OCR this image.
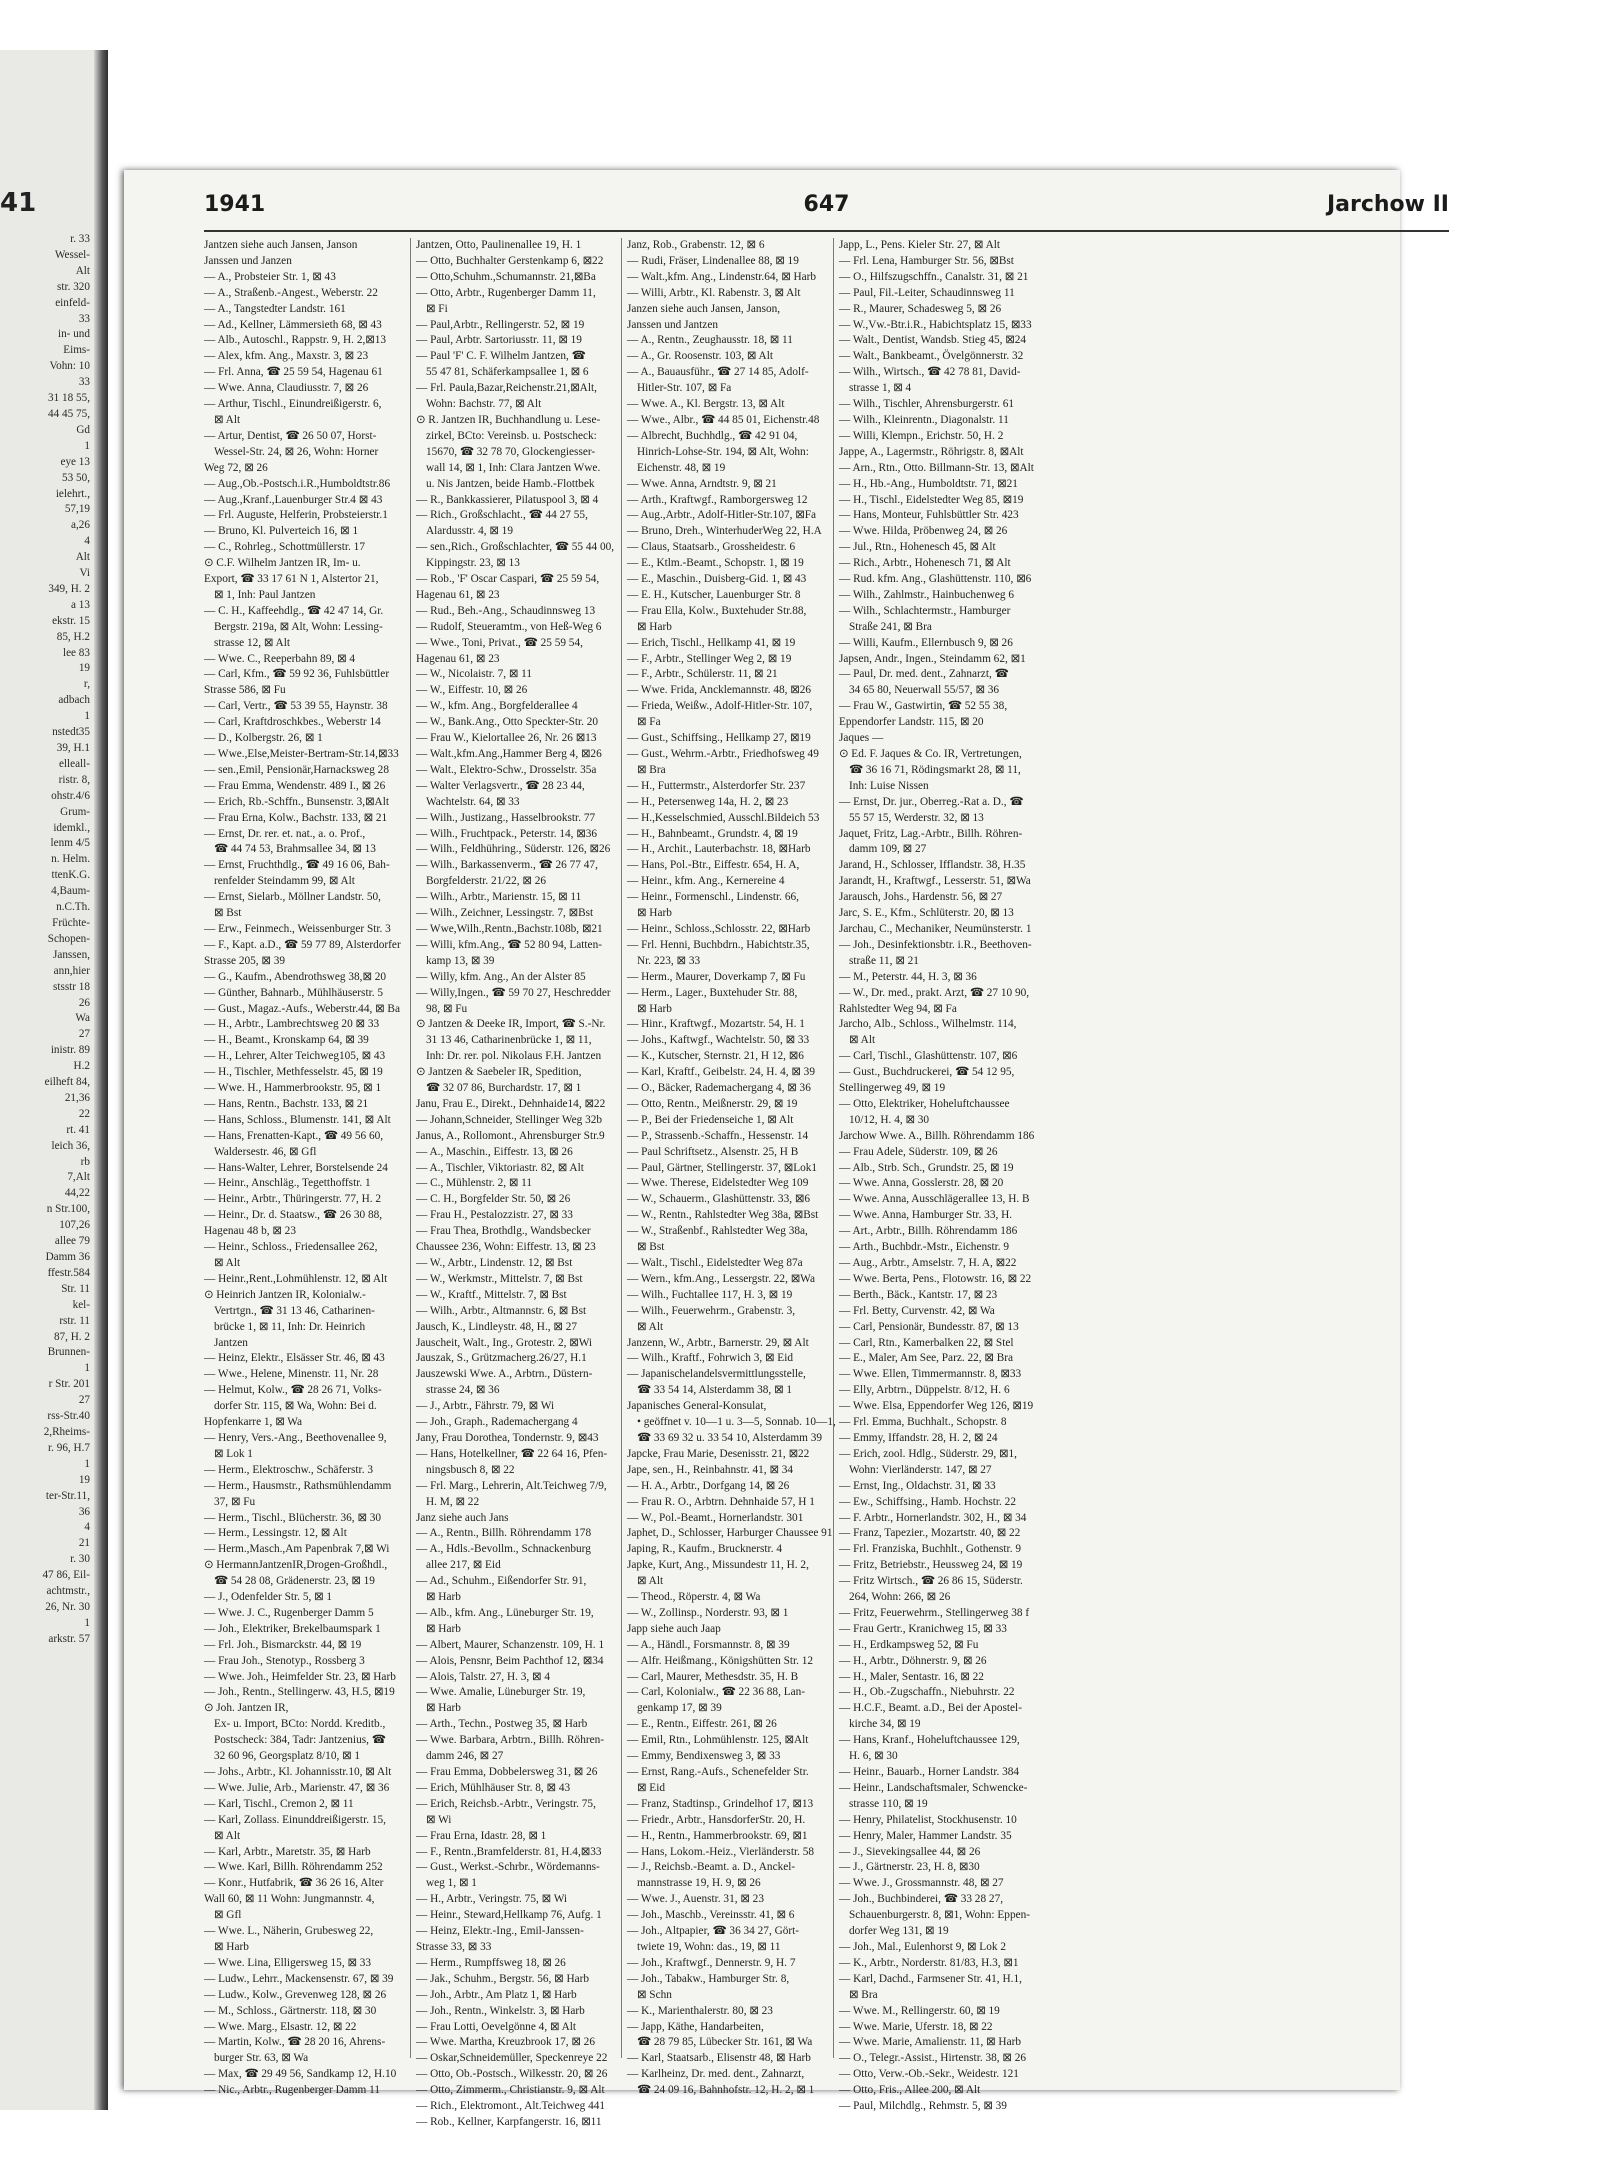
41
r. 33
Wessel-
Alt
str. 320
einfeld-
33
in- und
Eims-
Vohn: 10
33
31 18 55,
44 45 75,
Gd
1
eye 13
53 50,
ielehrt.,
57,19
a,26
4
Alt
Vi
349, H. 2
a 13
ekstr. 15
85, H.2
lee 83
19
r,
adbach
1
nstedt35
39, H.1
elleall-
ristr. 8,
ohstr.4/6
Grum-
idemkl.,
lenm 4/5
n. Helm.
ttenK.G.
4,Baum-
n.C.Th.
Früchte-
Schopen-
Janssen,
ann,hier
stsstr 18
26
Wa
27
inistr. 89
H.2
eilheft 84,
21,36
22
rt. 41
leich 36,
rb
7,Alt
44,22
n Str.100,
107,26
allee 79
Damm 36
ffestr.584
Str. 11
kel-
rstr. 11
87, H. 2
Brunnen-
1
r Str. 201
27
rss-Str.40
2,Rheims-
r. 96, H.7
1
19
ter-Str.11,
36
4
21
r. 30
47 86, Eil-
achtmstr.,
26, Nr. 30
1
arkstr. 57
1941	647	Jarchow II
Jantzen siehe auch Jansen, Janson
Janssen und Janzen
— A., Probsteier Str. 1, ⊠ 43
— A., Straßenb.-Angest., Weberstr. 22
— A., Tangstedter Landstr. 161
— Ad., Kellner, Lämmersieth 68, ⊠ 43
— Alb., Autoschl., Rappstr. 9, H. 2,⊠13
— Alex, kfm. Ang., Maxstr. 3, ⊠ 23
— Frl. Anna, ☎ 25 59 54, Hagenau 61
— Wwe. Anna, Claudiusstr. 7, ⊠ 26
— Arthur, Tischl., Einundreißigerstr. 6,
⊠ Alt
— Artur, Dentist, ☎ 26 50 07, Horst-
Wessel-Str. 24, ⊠ 26, Wohn: Horner
Weg 72, ⊠ 26
— Aug.,Ob.-Postsch.i.R.,Humboldtstr.86
— Aug.,Kranf.,Lauenburger Str.4 ⊠ 43
— Frl. Auguste, Helferin, Probsteierstr.1
— Bruno, Kl. Pulverteich 16, ⊠ 1
— C., Rohrleg., Schottmüllerstr. 17
⊙ C.F. Wilhelm Jantzen IR, Im- u.
Export, ☎ 33 17 61 N 1, Alstertor 21,
⊠ 1, Inh: Paul Jantzen
— C. H., Kaffeehdlg., ☎ 42 47 14, Gr.
Bergstr. 219a, ⊠ Alt, Wohn: Lessing-
strasse 12, ⊠ Alt
— Wwe. C., Reeperbahn 89, ⊠ 4
— Carl, Kfm., ☎ 59 92 36, Fuhlsbüttler
Strasse 586, ⊠ Fu
— Carl, Vertr., ☎ 53 39 55, Haynstr. 38
— Carl, Kraftdroschkbes., Weberstr 14
— D., Kolbergstr. 26, ⊠ 1
— Wwe.,Else,Meister-Bertram-Str.14,⊠33
— sen.,Emil, Pensionär,Harnacksweg 28
— Frau Emma, Wendenstr. 489 I., ⊠ 26
— Erich, Rb.-Schffn., Bunsenstr. 3,⊠Alt
— Frau Erna, Kolw., Bachstr. 133, ⊠ 21
— Ernst, Dr. rer. et. nat., a. o. Prof.,
☎ 44 74 53, Brahmsallee 34, ⊠ 13
— Ernst, Fruchthdlg., ☎ 49 16 06, Bah-
renfelder Steindamm 99, ⊠ Alt
— Ernst, Sielarb., Möllner Landstr. 50,
⊠ Bst
— Erw., Feinmech., Weissenburger Str. 3
— F., Kapt. a.D., ☎ 59 77 89, Alsterdorfer
Strasse 205, ⊠ 39
— G., Kaufm., Abendrothsweg 38,⊠ 20
— Günther, Bahnarb., Mühlhäuserstr. 5
— Gust., Magaz.-Aufs., Weberstr.44, ⊠ Ba
— H., Arbtr., Lambrechtsweg 20 ⊠ 33
— H., Beamt., Kronskamp 64, ⊠ 39
— H., Lehrer, Alter Teichweg105, ⊠ 43
— H., Tischler, Methfesselstr. 45, ⊠ 19
— Wwe. H., Hammerbrookstr. 95, ⊠ 1
— Hans, Rentn., Bachstr. 133, ⊠ 21
— Hans, Schloss., Blumenstr. 141, ⊠ Alt
— Hans, Frenatten-Kapt., ☎ 49 56 60,
Waldersestr. 46, ⊠ Gfl
— Hans-Walter, Lehrer, Borstelsende 24
— Heinr., Anschläg., Tegetthoffstr. 1
— Heinr., Arbtr., Thüringerstr. 77, H. 2
— Heinr., Dr. d. Staatsw., ☎ 26 30 88,
Hagenau 48 b, ⊠ 23
— Heinr., Schloss., Friedensallee 262,
⊠ Alt
— Heinr.,Rent.,Lohmühlenstr. 12, ⊠ Alt
⊙ Heinrich Jantzen IR, Kolonialw.-
Vertrtgn., ☎ 31 13 46, Catharinen-
brücke 1, ⊠ 11, Inh: Dr. Heinrich
Jantzen
— Heinz, Elektr., Elsässer Str. 46, ⊠ 43
— Wwe., Helene, Minenstr. 11, Nr. 28
— Helmut, Kolw., ☎ 28 26 71, Volks-
dorfer Str. 115, ⊠ Wa, Wohn: Bei d.
Hopfenkarre 1, ⊠ Wa
— Henry, Vers.-Ang., Beethovenallee 9,
⊠ Lok 1
— Herm., Elektroschw., Schäferstr. 3
— Herm., Hausmstr., Rathsmühlendamm
37, ⊠ Fu
— Herm., Tischl., Blücherstr. 36, ⊠ 30
— Herm., Lessingstr. 12, ⊠ Alt
— Herm.,Masch.,Am Papenbrak 7,⊠ Wi
⊙ HermannJantzenIR,Drogen-Großhdl.,
☎ 54 28 08, Grädenerstr. 23, ⊠ 19
— J., Odenfelder Str. 5, ⊠ 1
— Wwe. J. C., Rugenberger Damm 5
— Joh., Elektriker, Brekelbaumspark 1
— Frl. Joh., Bismarckstr. 44, ⊠ 19
— Frau Joh., Stenotyp., Rossberg 3
— Wwe. Joh., Heimfelder Str. 23, ⊠ Harb
— Joh., Rentn., Stellingerw. 43, H.5, ⊠19
⊙ Joh. Jantzen IR,
Ex- u. Import, BCto: Nordd. Kreditb.,
Postscheck: 384, Tadr: Jantzenius, ☎
32 60 96, Georgsplatz 8/10, ⊠ 1
— Johs., Arbtr., Kl. Johannisstr.10, ⊠ Alt
— Wwe. Julie, Arb., Marienstr. 47, ⊠ 36
— Karl, Tischl., Cremon 2, ⊠ 11
— Karl, Zollass. Einunddreißigerstr. 15,
⊠ Alt
— Karl, Arbtr., Maretstr. 35, ⊠ Harb
— Wwe. Karl, Billh. Röhrendamm 252
— Konr., Hutfabrik, ☎ 36 26 16, Alter
Wall 60, ⊠ 11 Wohn: Jungmannstr. 4,
⊠ Gfl
— Wwe. L., Näherin, Grubesweg 22,
⊠ Harb
— Wwe. Lina, Elligersweg 15, ⊠ 33
— Ludw., Lehrr., Mackensenstr. 67, ⊠ 39
— Ludw., Kolw., Grevenweg 128, ⊠ 26
— M., Schloss., Gärtnerstr. 118, ⊠ 30
— Wwe. Marg., Elsastr. 12, ⊠ 22
— Martin, Kolw., ☎ 28 20 16, Ahrens-
burger Str. 63, ⊠ Wa
— Max, ☎ 29 49 56, Sandkamp 12, H.10
— Nic., Arbtr., Rugenberger Damm 11
Jantzen, Otto, Paulinenallee 19, H. 1
— Otto, Buchhalter Gerstenkamp 6, ⊠22
— Otto,Schuhm.,Schumannstr. 21,⊠Ba
— Otto, Arbtr., Rugenberger Damm 11,
⊠ Fi
— Paul,Arbtr., Rellingerstr. 52, ⊠ 19
— Paul, Arbtr. Sartoriusstr. 11, ⊠ 19
— Paul 'F' C. F. Wilhelm Jantzen, ☎
55 47 81, Schäferkampsallee 1, ⊠ 6
— Frl. Paula,Bazar,Reichenstr.21,⊠Alt,
Wohn: Bachstr. 77, ⊠ Alt
⊙ R. Jantzen IR, Buchhandlung u. Lese-
zirkel, BCto: Vereinsb. u. Postscheck:
15670, ☎ 32 78 70, Glockengiesser-
wall 14, ⊠ 1, Inh: Clara Jantzen Wwe.
u. Nis Jantzen, beide Hamb.-Flottbek
— R., Bankkassierer, Pilatuspool 3, ⊠ 4
— Rich., Großschlacht., ☎ 44 27 55,
Alardusstr. 4, ⊠ 19
— sen.,Rich., Großschlachter, ☎ 55 44 00,
Kippingstr. 23, ⊠ 13
— Rob., 'F' Oscar Caspari, ☎ 25 59 54,
Hagenau 61, ⊠ 23
— Rud., Beh.-Ang., Schaudinnsweg 13
— Rudolf, Steueramtm., von Heß-Weg 6
— Wwe., Toni, Privat., ☎ 25 59 54,
Hagenau 61, ⊠ 23
— W., Nicolaistr. 7, ⊠ 11
— W., Eiffestr. 10, ⊠ 26
— W., kfm. Ang., Borgfelderallee 4
— W., Bank.Ang., Otto Speckter-Str. 20
— Frau W., Kielortallee 26, Nr. 26 ⊠13
— Walt.,kfm.Ang.,Hammer Berg 4, ⊠26
— Walt., Elektro-Schw., Drosselstr. 35a
— Walter Verlagsvertr., ☎ 28 23 44,
Wachtelstr. 64, ⊠ 33
— Wilh., Justizang., Hasselbrookstr. 77
— Wilh., Fruchtpack., Peterstr. 14, ⊠36
— Wilh., Feldhühring., Süderstr. 126, ⊠26
— Wilh., Barkassenverm., ☎ 26 77 47,
Borgfelderstr. 21/22, ⊠ 26
— Wilh., Arbtr., Marienstr. 15, ⊠ 11
— Wilh., Zeichner, Lessingstr. 7, ⊠Bst
— Wwe,Wilh.,Rentn.,Bachstr.108b, ⊠21
— Willi, kfm.Ang., ☎ 52 80 94, Latten-
kamp 13, ⊠ 39
— Willy, kfm. Ang., An der Alster 85
— Willy,Ingen., ☎ 59 70 27, Heschredder
98, ⊠ Fu
⊙ Jantzen & Deeke IR, Import, ☎ S.-Nr.
31 13 46, Catharinenbrücke 1, ⊠ 11,
Inh: Dr. rer. pol. Nikolaus F.H. Jantzen
⊙ Jantzen & Saebeler IR, Spedition,
☎ 32 07 86, Burchardstr. 17, ⊠ 1
Janu, Frau E., Direkt., Dehnhaide14, ⊠22
— Johann,Schneider, Stellinger Weg 32b
Janus, A., Rollomont., Ahrensburger Str.9
— A., Maschin., Eiffestr. 13, ⊠ 26
— A., Tischler, Viktoriastr. 82, ⊠ Alt
— C., Mühlenstr. 2, ⊠ 11
— C. H., Borgfelder Str. 50, ⊠ 26
— Frau H., Pestalozzistr. 27, ⊠ 33
— Frau Thea, Brothdlg., Wandsbecker
Chaussee 236, Wohn: Eiffestr. 13, ⊠ 23
— W., Arbtr., Lindenstr. 12, ⊠ Bst
— W., Werkmstr., Mittelstr. 7, ⊠ Bst
— W., Kraftf., Mittelstr. 7, ⊠ Bst
— Wilh., Arbtr., Altmannstr. 6, ⊠ Bst
Jausch, K., Lindleystr. 48, H., ⊠ 27
Jauscheit, Walt., Ing., Grotestr. 2, ⊠Wi
Jauszak, S., Grützmacherg.26/27, H.1
Jauszewski Wwe. A., Arbtrn., Düstern-
strasse 24, ⊠ 36
— J., Arbtr., Fährstr. 79, ⊠ Wi
— Joh., Graph., Rademachergang 4
Jany, Frau Dorothea, Tondernstr. 9, ⊠43
— Hans, Hotelkellner, ☎ 22 64 16, Pfen-
ningsbusch 8, ⊠ 22
— Frl. Marg., Lehrerin, Alt.Teichweg 7/9,
H. M, ⊠ 22
Janz siehe auch Jans
— A., Rentn., Billh. Röhrendamm 178
— A., Hdls.-Bevollm., Schnackenburg
allee 217, ⊠ Eid
— Ad., Schuhm., Eißendorfer Str. 91,
⊠ Harb
— Alb., kfm. Ang., Lüneburger Str. 19,
⊠ Harb
— Albert, Maurer, Schanzenstr. 109, H. 1
— Alois, Pensnr, Beim Pachthof 12, ⊠34
— Alois, Talstr. 27, H. 3, ⊠ 4
— Wwe. Amalie, Lüneburger Str. 19,
⊠ Harb
— Arth., Techn., Postweg 35, ⊠ Harb
— Wwe. Barbara, Arbtrn., Billh. Röhren-
damm 246, ⊠ 27
— Frau Emma, Dobbelersweg 31, ⊠ 26
— Erich, Mühlhäuser Str. 8, ⊠ 43
— Erich, Reichsb.-Arbtr., Veringstr. 75,
⊠ Wi
— Frau Erna, Idastr. 28, ⊠ 1
— F., Rentn.,Bramfelderstr. 81, H.4,⊠33
— Gust., Werkst.-Schrbr., Wördemanns-
weg 1, ⊠ 1
— H., Arbtr., Veringstr. 75, ⊠ Wi
— Heinr., Steward,Hellkamp 76, Aufg. 1
— Heinz, Elektr.-Ing., Emil-Janssen-
Strasse 33, ⊠ 33
— Herm., Rumpffsweg 18, ⊠ 26
— Jak., Schuhm., Bergstr. 56, ⊠ Harb
— Joh., Arbtr., Am Platz 1, ⊠ Harb
— Joh., Rentn., Winkelstr. 3, ⊠ Harb
— Frau Lotti, Oevelgönne 4, ⊠ Alt
— Wwe. Martha, Kreuzbrook 17, ⊠ 26
— Oskar,Schneidemüller, Speckenreye 22
— Otto, Ob.-Postsch., Wilkesstr. 20, ⊠ 26
— Otto, Zimmerm., Christianstr. 9, ⊠ Alt
— Rich., Elektromont., Alt.Teichweg 441
— Rob., Kellner, Karpfangerstr. 16, ⊠11
Janz, Rob., Grabenstr. 12, ⊠ 6
— Rudi, Fräser, Lindenallee 88, ⊠ 19
— Walt.,kfm. Ang., Lindenstr.64, ⊠ Harb
— Willi, Arbtr., Kl. Rabenstr. 3, ⊠ Alt
Janzen siehe auch Jansen, Janson,
Janssen und Jantzen
— A., Rentn., Zeughausstr. 18, ⊠ 11
— A., Gr. Roosenstr. 103, ⊠ Alt
— A., Bauausführ., ☎ 27 14 85, Adolf-
Hitler-Str. 107, ⊠ Fa
— Wwe. A., Kl. Bergstr. 13, ⊠ Alt
— Wwe., Albr., ☎ 44 85 01, Eichenstr.48
— Albrecht, Buchhdlg., ☎ 42 91 04,
Hinrich-Lohse-Str. 194, ⊠ Alt, Wohn:
Eichenstr. 48, ⊠ 19
— Wwe. Anna, Arndtstr. 9, ⊠ 21
— Arth., Kraftwgf., Ramborgersweg 12
— Aug.,Arbtr., Adolf-Hitler-Str.107, ⊠Fa
— Bruno, Dreh., WinterhuderWeg 22, H.A
— Claus, Staatsarb., Grossheidestr. 6
— E., Ktlm.-Beamt., Schopstr. 1, ⊠ 19
— E., Maschin., Duisberg-Gid. 1, ⊠ 43
— E. H., Kutscher, Lauenburger Str. 8
— Frau Ella, Kolw., Buxtehuder Str.88,
⊠ Harb
— Erich, Tischl., Hellkamp 41, ⊠ 19
— F., Arbtr., Stellinger Weg 2, ⊠ 19
— F., Arbtr., Schülerstr. 11, ⊠ 21
— Wwe. Frida, Ancklemannstr. 48, ⊠26
— Frieda, Weißw., Adolf-Hitler-Str. 107,
⊠ Fa
— Gust., Schiffsing., Hellkamp 27, ⊠19
— Gust., Wehrm.-Arbtr., Friedhofsweg 49
⊠ Bra
— H., Futtermstr., Alsterdorfer Str. 237
— H., Petersenweg 14a, H. 2, ⊠ 23
— H.,Kesselschmied, Ausschl.Bildeich 53
— H., Bahnbeamt., Grundstr. 4, ⊠ 19
— H., Archit., Lauterbachstr. 18, ⊠Harb
— Hans, Pol.-Btr., Eiffestr. 654, H. A,
— Heinr., kfm. Ang., Kernereine 4
— Heinr., Formenschl., Lindenstr. 66,
⊠ Harb
— Heinr., Schloss.,Schlosstr. 22, ⊠Harb
— Frl. Henni, Buchbdrn., Habichtstr.35,
Nr. 223, ⊠ 33
— Herm., Maurer, Doverkamp 7, ⊠ Fu
— Herm., Lager., Buxtehuder Str. 88,
⊠ Harb
— Hinr., Kraftwgf., Mozartstr. 54, H. 1
— Johs., Kaftwgf., Wachtelstr. 50, ⊠ 33
— K., Kutscher, Sternstr. 21, H 12, ⊠6
— Karl, Kraftf., Geibelstr. 24, H. 4, ⊠ 39
— O., Bäcker, Rademachergang 4, ⊠ 36
— Otto, Rentn., Meißnerstr. 29, ⊠ 19
— P., Bei der Friedenseiche 1, ⊠ Alt
— P., Strassenb.-Schaffn., Hessenstr. 14
— Paul Schriftsetz., Alsenstr. 25, H B
— Paul, Gärtner, Stellingerstr. 37, ⊠Lok1
— Wwe. Therese, Eidelstedter Weg 109
— W., Schauerm., Glashüttenstr. 33, ⊠6
— W., Rentn., Rahlstedter Weg 38a, ⊠Bst
— W., Straßenbf., Rahlstedter Weg 38a,
⊠ Bst
— Walt., Tischl., Eidelstedter Weg 87a
— Wern., kfm.Ang., Lessergstr. 22, ⊠Wa
— Wilh., Fuchtallee 117, H. 3, ⊠ 19
— Wilh., Feuerwehrm., Grabenstr. 3,
⊠ Alt
Janzenn, W., Arbtr., Barnerstr. 29, ⊠ Alt
— Wilh., Kraftf., Fohrwich 3, ⊠ Eid
— Japanischelandelsvermittlungsstelle,
☎ 33 54 14, Alsterdamm 38, ⊠ 1
Japanisches General-Konsulat,
• geöffnet v. 10—1 u. 3—5, Sonnab. 10—1,
☎ 33 69 32 u. 33 54 10, Alsterdamm 39
Japcke, Frau Marie, Desenisstr. 21, ⊠22
Jape, sen., H., Reinbahnstr. 41, ⊠ 34
— H. A., Arbtr., Dorfgang 14, ⊠ 26
— Frau R. O., Arbtrn. Dehnhaide 57, H 1
— W., Pol.-Beamt., Hornerlandstr. 301
Japhet, D., Schlosser, Harburger Chaussee 91
Japing, R., Kaufm., Brucknerstr. 4
Japke, Kurt, Ang., Missundestr 11, H. 2,
⊠ Alt
— Theod., Röperstr. 4, ⊠ Wa
— W., Zollinsp., Norderstr. 93, ⊠ 1
Japp siehe auch Jaap
— A., Händl., Forsmannstr. 8, ⊠ 39
— Alfr. Heißmang., Königshütten Str. 12
— Carl, Maurer, Methesdstr. 35, H. B
— Carl, Kolonialw., ☎ 22 36 88, Lan-
genkamp 17, ⊠ 39
— E., Rentn., Eiffestr. 261, ⊠ 26
— Emil, Rtn., Lohmühlenstr. 125, ⊠Alt
— Emmy, Bendixensweg 3, ⊠ 33
— Ernst, Rang.-Aufs., Schenefelder Str.
⊠ Eid
— Franz, Stadtinsp., Grindelhof 17, ⊠13
— Friedr., Arbtr., HansdorferStr. 20, H.
— H., Rentn., Hammerbrookstr. 69, ⊠1
— Hans, Lokom.-Heiz., Vierländerstr. 58
— J., Reichsb.-Beamt. a. D., Anckel-
mannstrasse 19, H. 9, ⊠ 26
— Wwe. J., Auenstr. 31, ⊠ 23
— Joh., Maschb., Vereinsstr. 41, ⊠ 6
— Joh., Altpapier, ☎ 36 34 27, Gört-
twiete 19, Wohn: das., 19, ⊠ 11
— Joh., Kraftwgf., Dennerstr. 9, H. 7
— Joh., Tabakw., Hamburger Str. 8,
⊠ Schn
— K., Marienthalerstr. 80, ⊠ 23
— Japp, Käthe, Handarbeiten,
☎ 28 79 85, Lübecker Str. 161, ⊠ Wa
— Karl, Staatsarb., Elisenstr 48, ⊠ Harb
— Karlheinz, Dr. med. dent., Zahnarzt,
☎ 24 09 16, Bahnhofstr. 12, H. 2, ⊠ 1
Japp, L., Pens. Kieler Str. 27, ⊠ Alt
— Frl. Lena, Hamburger Str. 56, ⊠Bst
— O., Hilfszugschffn., Canalstr. 31, ⊠ 21
— Paul, Fil.-Leiter, Schaudinnsweg 11
— R., Maurer, Schadesweg 5, ⊠ 26
— W.,Vw.-Btr.i.R., Habichtsplatz 15, ⊠33
— Walt., Dentist, Wandsb. Stieg 45, ⊠24
— Walt., Bankbeamt., Övelgönnerstr. 32
— Wilh., Wirtsch., ☎ 42 78 81, David-
strasse 1, ⊠ 4
— Wilh., Tischler, Ahrensburgerstr. 61
— Wilh., Kleinrentn., Diagonalstr. 11
— Willi, Klempn., Erichstr. 50, H. 2
Jappe, A., Lagermstr., Röhrigstr. 8, ⊠Alt
— Arn., Rtn., Otto. Billmann-Str. 13, ⊠Alt
— H., Hb.-Ang., Humboldtstr. 71, ⊠21
— H., Tischl., Eidelstedter Weg 85, ⊠19
— Hans, Monteur, Fuhlsbüttler Str. 423
— Wwe. Hilda, Pröbenweg 24, ⊠ 26
— Jul., Rtn., Hohenesch 45, ⊠ Alt
— Rich., Arbtr., Hohenesch 71, ⊠ Alt
— Rud. kfm. Ang., Glashüttenstr. 110, ⊠6
— Wilh., Zahlmstr., Hainbuchenweg 6
— Wilh., Schlachtermstr., Hamburger
Straße 241, ⊠ Bra
— Willi, Kaufm., Ellernbusch 9, ⊠ 26
Japsen, Andr., Ingen., Steindamm 62, ⊠1
— Paul, Dr. med. dent., Zahnarzt, ☎
34 65 80, Neuerwall 55/57, ⊠ 36
— Frau W., Gastwirtin, ☎ 52 55 38,
Eppendorfer Landstr. 115, ⊠ 20
Jaques —
⊙ Ed. F. Jaques & Co. IR, Vertretungen,
☎ 36 16 71, Rödingsmarkt 28, ⊠ 11,
Inh: Luise Nissen
— Ernst, Dr. jur., Oberreg.-Rat a. D., ☎
55 57 15, Werderstr. 32, ⊠ 13
Jaquet, Fritz, Lag.-Arbtr., Billh. Röhren-
damm 109, ⊠ 27
Jarand, H., Schlosser, Ifflandstr. 38, H.35
Jarandt, H., Kraftwgf., Lesserstr. 51, ⊠Wa
Jarausch, Johs., Hardenstr. 56, ⊠ 27
Jarc, S. E., Kfm., Schlüterstr. 20, ⊠ 13
Jarchau, C., Mechaniker, Neumünsterstr. 1
— Joh., Desinfektionsbtr. i.R., Beethoven-
straße 11, ⊠ 21
— M., Peterstr. 44, H. 3, ⊠ 36
— W., Dr. med., prakt. Arzt, ☎ 27 10 90,
Rahlstedter Weg 94, ⊠ Fa
Jarcho, Alb., Schloss., Wilhelmstr. 114,
⊠ Alt
— Carl, Tischl., Glashüttenstr. 107, ⊠6
— Gust., Buchdruckerei, ☎ 54 12 95,
Stellingerweg 49, ⊠ 19
— Otto, Elektriker, Hoheluftchaussee
10/12, H. 4, ⊠ 30
Jarchow Wwe. A., Billh. Röhrendamm 186
— Frau Adele, Süderstr. 109, ⊠ 26
— Alb., Strb. Sch., Grundstr. 25, ⊠ 19
— Wwe. Anna, Gosslerstr. 28, ⊠ 20
— Wwe. Anna, Ausschlägerallee 13, H. B
— Wwe. Anna, Hamburger Str. 33, H.
— Art., Arbtr., Billh. Röhrendamm 186
— Arth., Buchbdr.-Mstr., Eichenstr. 9
— Aug., Arbtr., Amselstr. 7, H. A, ⊠22
— Wwe. Berta, Pens., Flotowstr. 16, ⊠ 22
— Berth., Bäck., Kantstr. 17, ⊠ 23
— Frl. Betty, Curvenstr. 42, ⊠ Wa
— Carl, Pensionär, Bundesstr. 87, ⊠ 13
— Carl, Rtn., Kamerbalken 22, ⊠ Stel
— E., Maler, Am See, Parz. 22, ⊠ Bra
— Wwe. Ellen, Timmermannstr. 8, ⊠33
— Elly, Arbtrn., Düppelstr. 8/12, H. 6
— Wwe. Elsa, Eppendorfer Weg 126, ⊠19
— Frl. Emma, Buchhalt., Schopstr. 8
— Emmy, Iffandstr. 28, H. 2, ⊠ 24
— Erich, zool. Hdlg., Süderstr. 29, ⊠1,
Wohn: Vierländerstr. 147, ⊠ 27
— Ernst, Ing., Oldachstr. 31, ⊠ 33
— Ew., Schiffsing., Hamb. Hochstr. 22
— F. Arbtr., Hornerlandstr. 302, H., ⊠ 34
— Franz, Tapezier., Mozartstr. 40, ⊠ 22
— Frl. Franziska, Buchhlt., Gothenstr. 9
— Fritz, Betriebstr., Heussweg 24, ⊠ 19
— Fritz Wirtsch., ☎ 26 86 15, Süderstr.
264, Wohn: 266, ⊠ 26
— Fritz, Feuerwehrm., Stellingerweg 38 f
— Frau Gertr., Kranichweg 15, ⊠ 33
— H., Erdkampsweg 52, ⊠ Fu
— H., Arbtr., Döhnerstr. 9, ⊠ 26
— H., Maler, Sentastr. 16, ⊠ 22
— H., Ob.-Zugschaffn., Niebuhrstr. 22
— H.C.F., Beamt. a.D., Bei der Apostel-
kirche 34, ⊠ 19
— Hans, Kranf., Hoheluftchaussee 129,
H. 6, ⊠ 30
— Heinr., Bauarb., Horner Landstr. 384
— Heinr., Landschaftsmaler, Schwencke-
strasse 110, ⊠ 19
— Henry, Philatelist, Stockhusenstr. 10
— Henry, Maler, Hammer Landstr. 35
— J., Sievekingsallee 44, ⊠ 26
— J., Gärtnerstr. 23, H. 8, ⊠30
— Wwe. J., Grossmannstr. 48, ⊠ 27
— Joh., Buchbinderei, ☎ 33 28 27,
Schauenburgerstr. 8, ⊠1, Wohn: Eppen-
dorfer Weg 131, ⊠ 19
— Joh., Mal., Eulenhorst 9, ⊠ Lok 2
— K., Arbtr., Norderstr. 81/83, H.3, ⊠1
— Karl, Dachd., Farmsener Str. 41, H.1,
⊠ Bra
— Wwe. M., Rellingerstr. 60, ⊠ 19
— Wwe. Marie, Uferstr. 18, ⊠ 22
— Wwe. Marie, Amalienstr. 11, ⊠ Harb
— O., Telegr.-Assist., Hirtenstr. 38, ⊠ 26
— Otto, Verw.-Ob.-Sekr., Weidestr. 121
— Otto, Fris., Allee 200, ⊠ Alt
— Paul, Milchdlg., Rehmstr. 5, ⊠ 39
